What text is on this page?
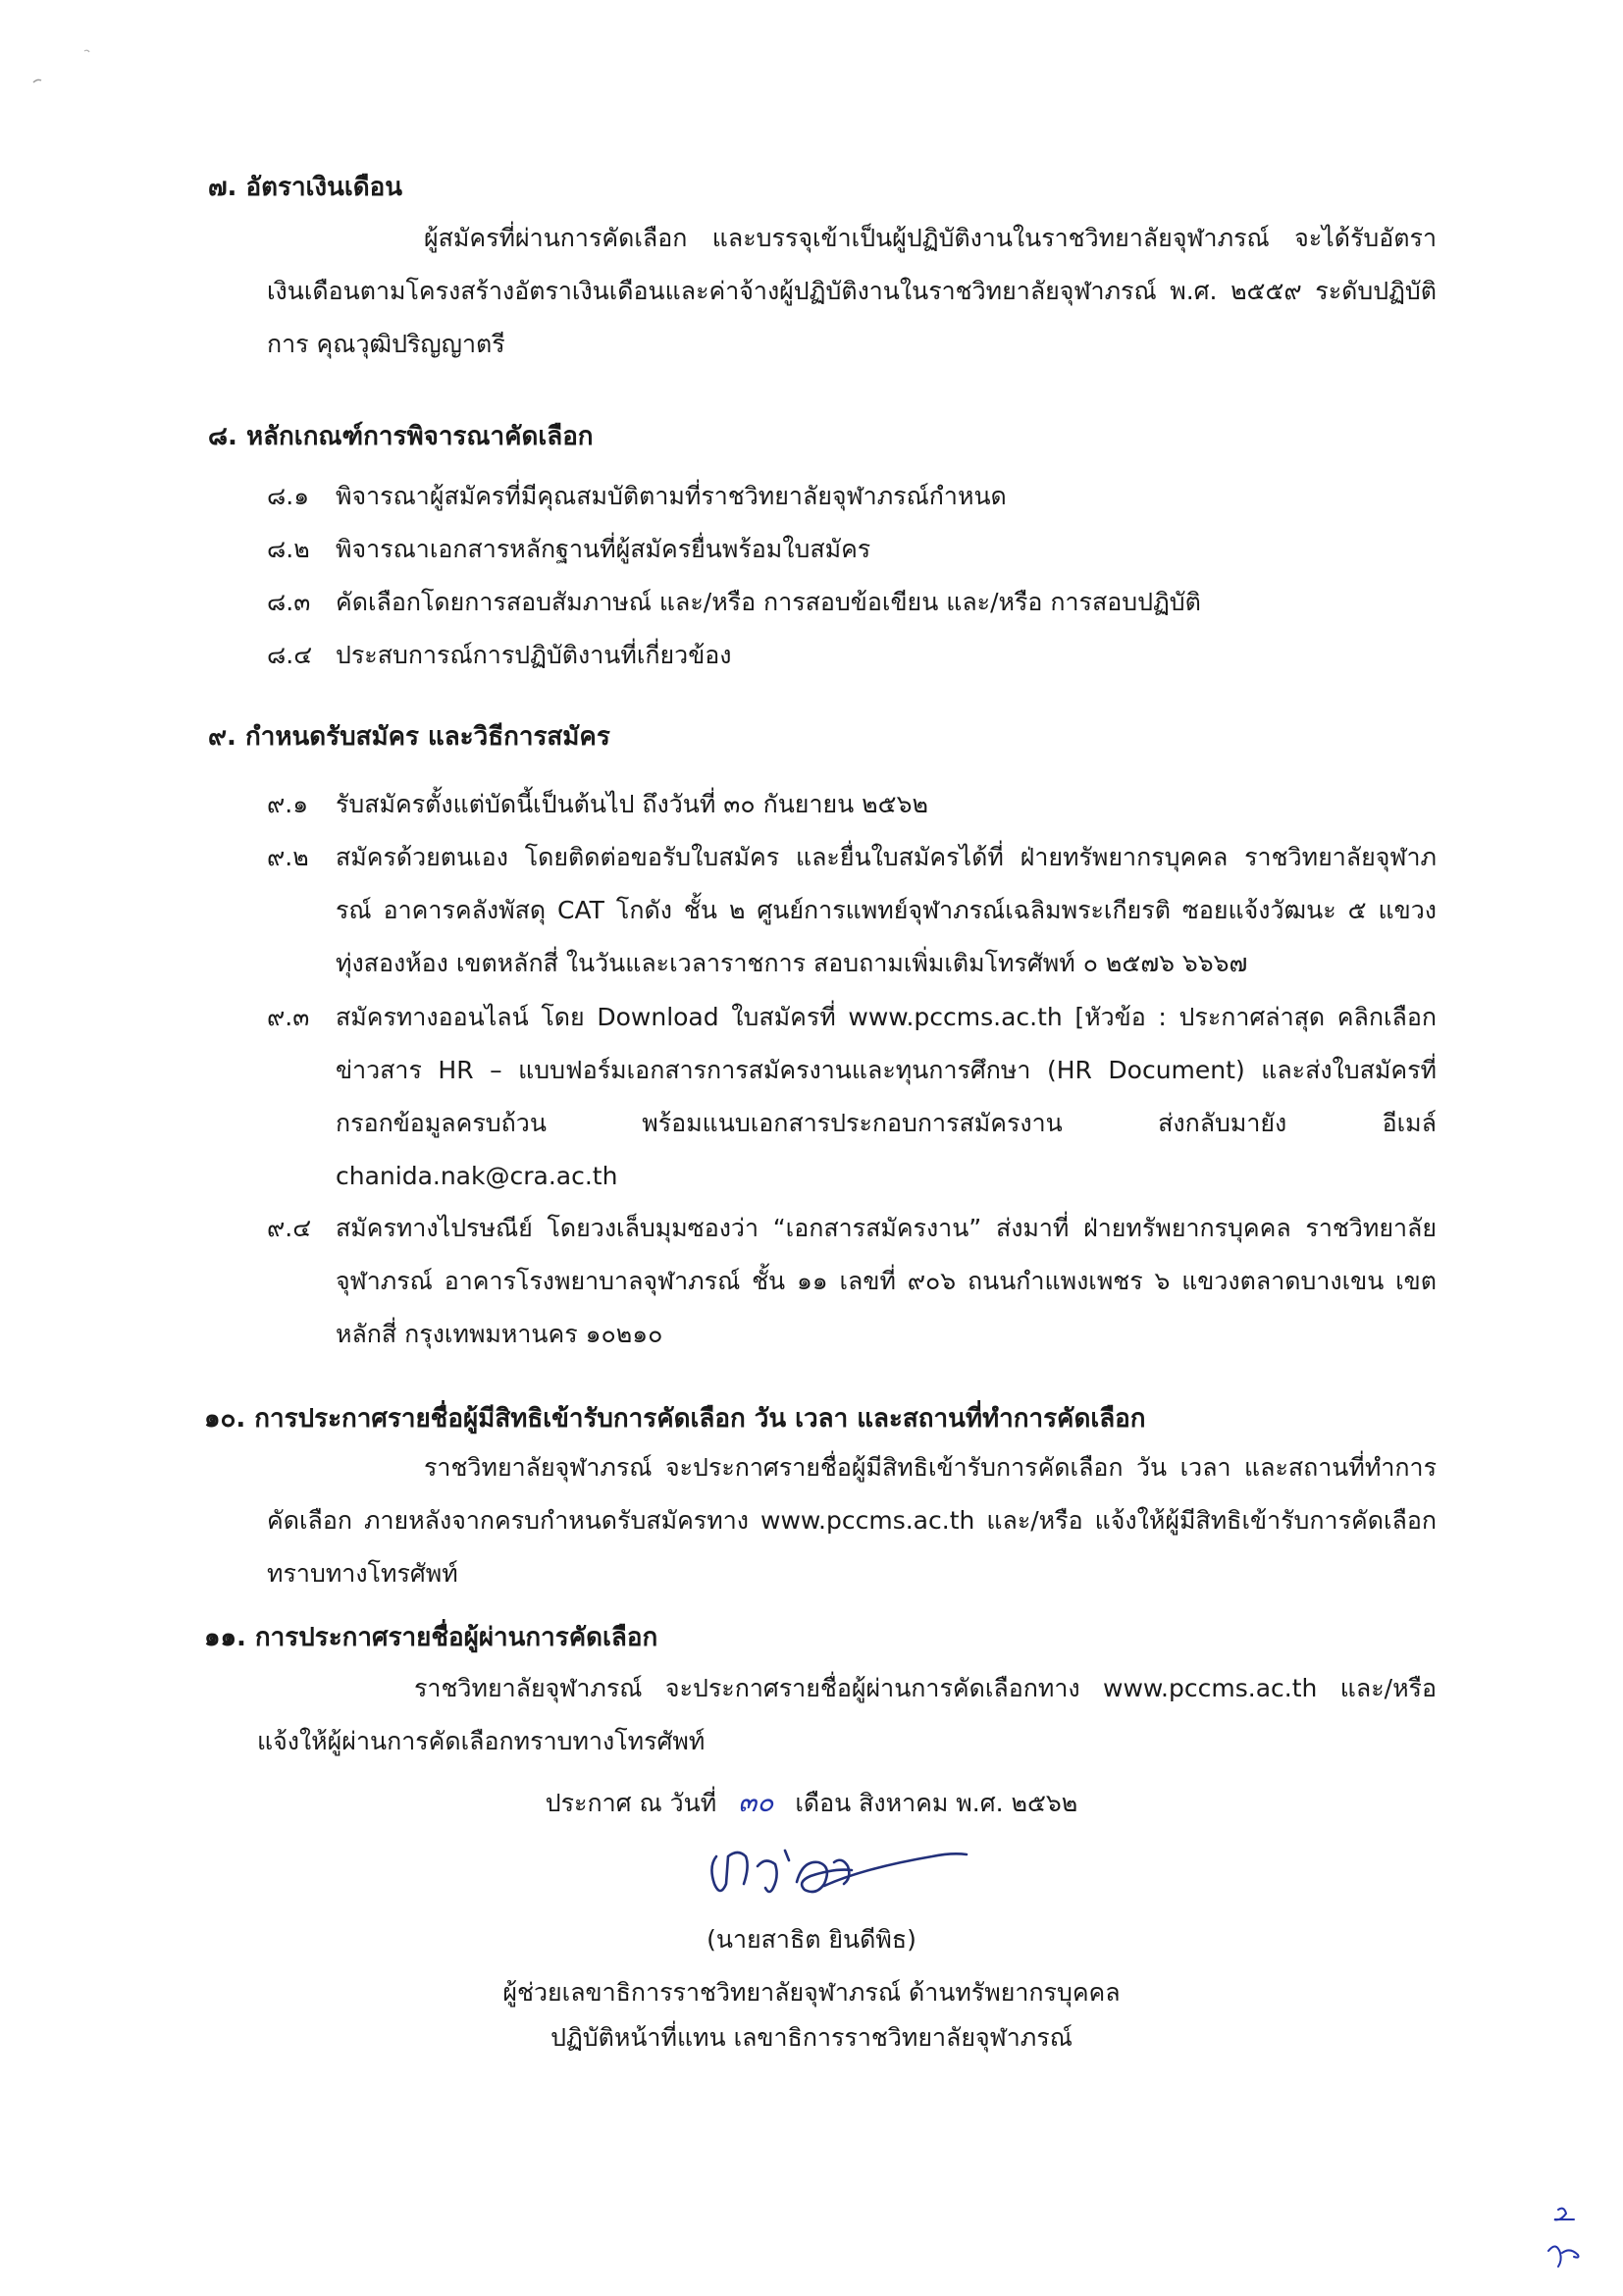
๗. อัตราเงินเดือน
ผู้สมัครที่ผ่านการคัดเลือก และบรรจุเข้าเป็นผู้ปฏิบัติงานในราชวิทยาลัยจุฬาภรณ์ จะได้รับอัตราเงินเดือนตามโครงสร้างอัตราเงินเดือนและค่าจ้างผู้ปฏิบัติงานในราชวิทยาลัยจุฬาภรณ์ พ.ศ. ๒๕๕๙ ระดับปฏิบัติการ คุณวุฒิปริญญาตรี
๘. หลักเกณฑ์การพิจารณาคัดเลือก
๘.๑	พิจารณาผู้สมัครที่มีคุณสมบัติตามที่ราชวิทยาลัยจุฬาภรณ์กำหนด
๘.๒	พิจารณาเอกสารหลักฐานที่ผู้สมัครยื่นพร้อมใบสมัคร
๘.๓	คัดเลือกโดยการสอบสัมภาษณ์ และ/หรือ การสอบข้อเขียน และ/หรือ การสอบปฏิบัติ
๘.๔ ประสบการณ์การปฏิบัติงานที่เกี่ยวข้อง
๙. กำหนดรับสมัคร และวิธีการสมัคร
๙.๑	รับสมัครตั้งแต่บัดนี้เป็นต้นไป ถึงวันที่ ๓๐ กันยายน ๒๕๖๒
๙.๒	สมัครด้วยตนเอง โดยติดต่อขอรับใบสมัคร และยื่นใบสมัครได้ที่ ฝ่ายทรัพยากรบุคคล ราชวิทยาลัยจุฬาภรณ์ อาคารคลังพัสดุ CAT โกดัง ชั้น ๒ ศูนย์การแพทย์จุฬาภรณ์เฉลิมพระเกียรติ ซอยแจ้งวัฒนะ ๕ แขวงทุ่งสองห้อง เขตหลักสี่ ในวันและเวลาราชการ สอบถามเพิ่มเติมโทรศัพท์ ๐ ๒๕๗๖ ๖๖๖๗
๙.๓	สมัครทางออนไลน์ โดย Download ใบสมัครที่ www.pccms.ac.th [หัวข้อ : ประกาศล่าสุด คลิกเลือก ข่าวสาร HR – แบบฟอร์มเอกสารการสมัครงานและทุนการศึกษา (HR Document) และส่งใบสมัครที่กรอกข้อมูลครบถ้วน พร้อมแนบเอกสารประกอบการสมัครงาน ส่งกลับมายัง อีเมล์ chanida.nak@cra.ac.th
๙.๔ สมัครทางไปรษณีย์ โดยวงเล็บมุมซองว่า “เอกสารสมัครงาน” ส่งมาที่ ฝ่ายทรัพยากรบุคคล ราชวิทยาลัยจุฬาภรณ์ อาคารโรงพยาบาลจุฬาภรณ์ ชั้น ๑๑ เลขที่ ๙๐๖ ถนนกำแพงเพชร ๖ แขวงตลาดบางเขน เขตหลักสี่ กรุงเทพมหานคร ๑๐๒๑๐
๑๐. การประกาศรายชื่อผู้มีสิทธิเข้ารับการคัดเลือก วัน เวลา และสถานที่ทำการคัดเลือก
ราชวิทยาลัยจุฬาภรณ์ จะประกาศรายชื่อผู้มีสิทธิเข้ารับการคัดเลือก วัน เวลา และสถานที่ทำการคัดเลือก ภายหลังจากครบกำหนดรับสมัครทาง www.pccms.ac.th และ/หรือ แจ้งให้ผู้มีสิทธิเข้ารับการคัดเลือกทราบทางโทรศัพท์
๑๑. การประกาศรายชื่อผู้ผ่านการคัดเลือก
ราชวิทยาลัยจุฬาภรณ์ จะประกาศรายชื่อผู้ผ่านการคัดเลือกทาง www.pccms.ac.th และ/หรือ แจ้งให้ผู้ผ่านการคัดเลือกทราบทางโทรศัพท์
ประกาศ ณ วันที่ ๓๐ เดือน สิงหาคม พ.ศ. ๒๕๖๒
(นายสาธิต ยินดีพิธ)
ผู้ช่วยเลขาธิการราชวิทยาลัยจุฬาภรณ์ ด้านทรัพยากรบุคคล
ปฏิบัติหน้าที่แทน เลขาธิการราชวิทยาลัยจุฬาภรณ์
